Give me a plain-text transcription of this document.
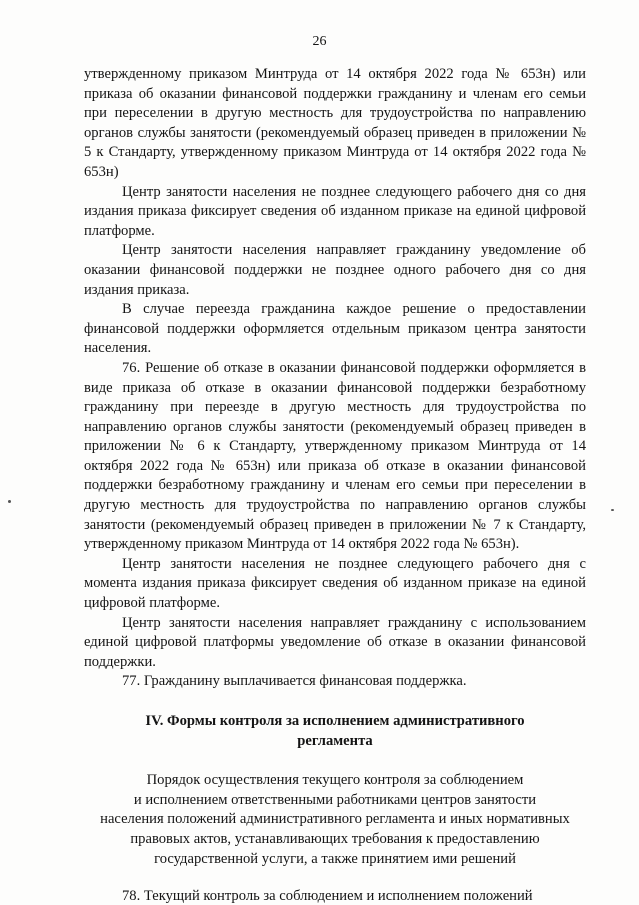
26

утвержденному приказом Минтруда от 14 октября 2022 года № 653н) или приказа об оказании финансовой поддержки гражданину и членам его семьи при переселении в другую местность для трудоустройства по направлению органов службы занятости (рекомендуемый образец приведен в приложении № 5 к Стандарту, утвержденному приказом Минтруда от 14 октября 2022 года № 653н)

Центр занятости населения не позднее следующего рабочего дня со дня издания приказа фиксирует сведения об изданном приказе на единой цифровой платформе.

Центр занятости населения направляет гражданину уведомление об оказании финансовой поддержки не позднее одного рабочего дня со дня издания приказа.

В случае переезда гражданина каждое решение о предоставлении финансовой поддержки оформляется отдельным приказом центра занятости населения.

76. Решение об отказе в оказании финансовой поддержки оформляется в виде приказа об отказе в оказании финансовой поддержки безработному гражданину при переезде в другую местность для трудоустройства по направлению органов службы занятости (рекомендуемый образец приведен в приложении № 6 к Стандарту, утвержденному приказом Минтруда от 14 октября 2022 года № 653н) или приказа об отказе в оказании финансовой поддержки безработному гражданину и членам его семьи при переселении в другую местность для трудоустройства по направлению органов службы занятости (рекомендуемый образец приведен в приложении № 7 к Стандарту, утвержденному приказом Минтруда от 14 октября 2022 года № 653н).

Центр занятости населения не позднее следующего рабочего дня с момента издания приказа фиксирует сведения об изданном приказе на единой цифровой платформе.

Центр занятости населения направляет гражданину с использованием единой цифровой платформы уведомление об отказе в оказании финансовой поддержки.

77. Гражданину выплачивается финансовая поддержка.

IV. Формы контроля за исполнением административного
регламента
Порядок осуществления текущего контроля за соблюдением
и исполнением ответственными работниками центров занятости
населения положений административного регламента и иных нормативных
правовых актов, устанавливающих требования к предоставлению
государственной услуги, а также принятием ими решений

78. Текущий контроль за соблюдением и исполнением положений
